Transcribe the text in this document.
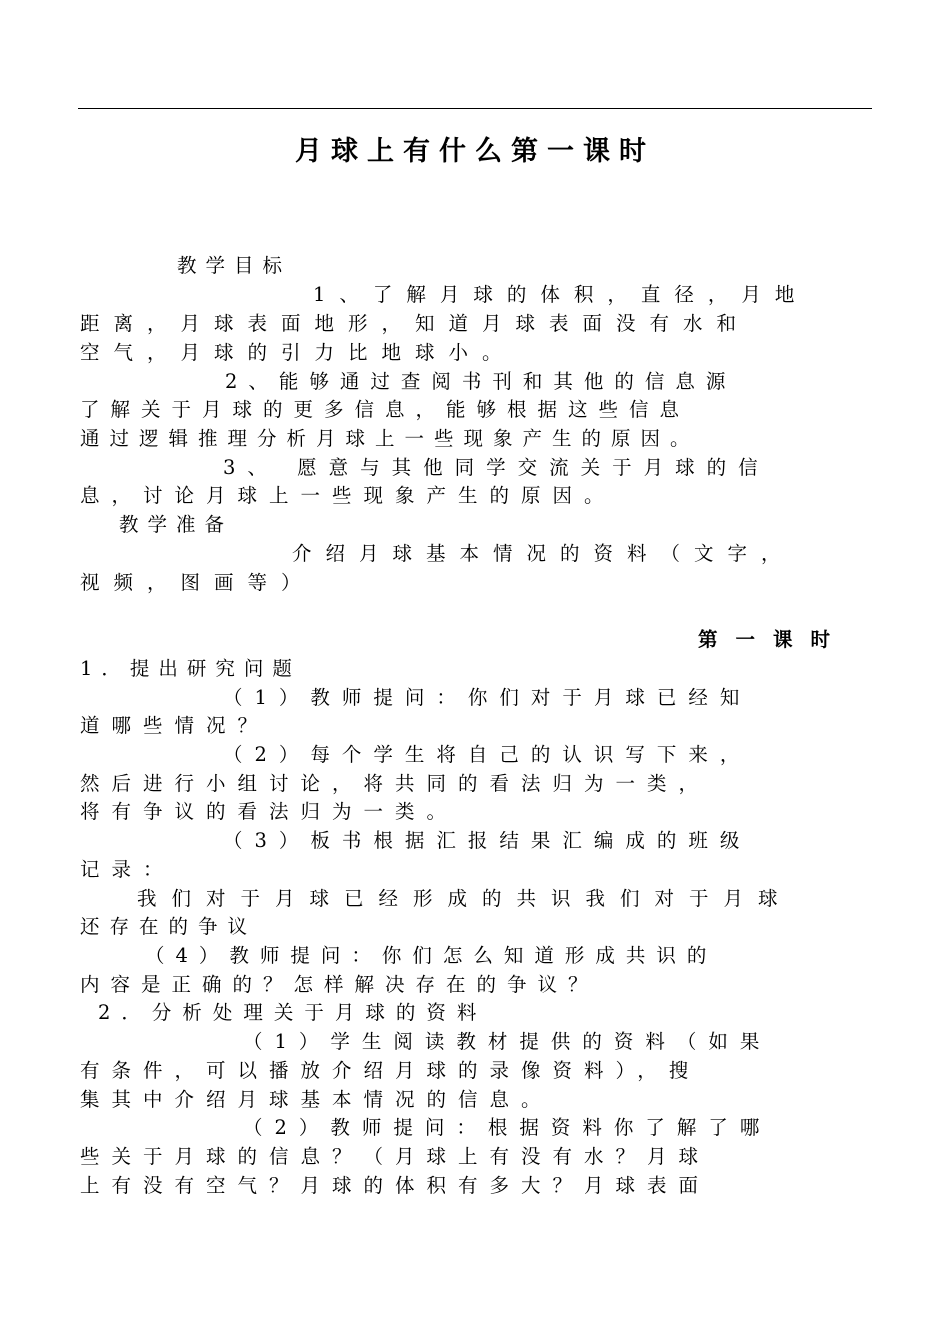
月球上有什么第一课时
教学目标
1、了解月球的体积，直径，月地
距离，月球表面地形，知道月球表面没有水和
空气，月球的引力比地球小。
2、能够通过查阅书刊和其他的信息源
了解关于月球的更多信息，能够根据这些信息
通过逻辑推理分析月球上一些现象产生的原因。
3、 愿意与其他同学交流关于月球的信
息，讨论月球上一些现象产生的原因。
教学准备
介绍月球基本情况的资料（文字，
视频，图画等）
第一课时
1．提出研究问题
（1）教师提问：你们对于月球已经知
道哪些情况？
（2）每个学生将自己的认识写下来，
然后进行小组讨论，将共同的看法归为一类，
将有争议的看法归为一类。
（3）板书根据汇报结果汇编成的班级
记录：
我们对于月球已经形成的共识我们对于月球
还存在的争议
（4）教师提问：你们怎么知道形成共识的
内容是正确的？怎样解决存在的争议？
2．分析处理关于月球的资料
（1）学生阅读教材提供的资料（如果
有条件，可以播放介绍月球的录像资料），搜
集其中介绍月球基本情况的信息。
（2）教师提问：根据资料你了解了哪
些关于月球的信息？（月球上有没有水？月球
上有没有空气？月球的体积有多大？月球表面
